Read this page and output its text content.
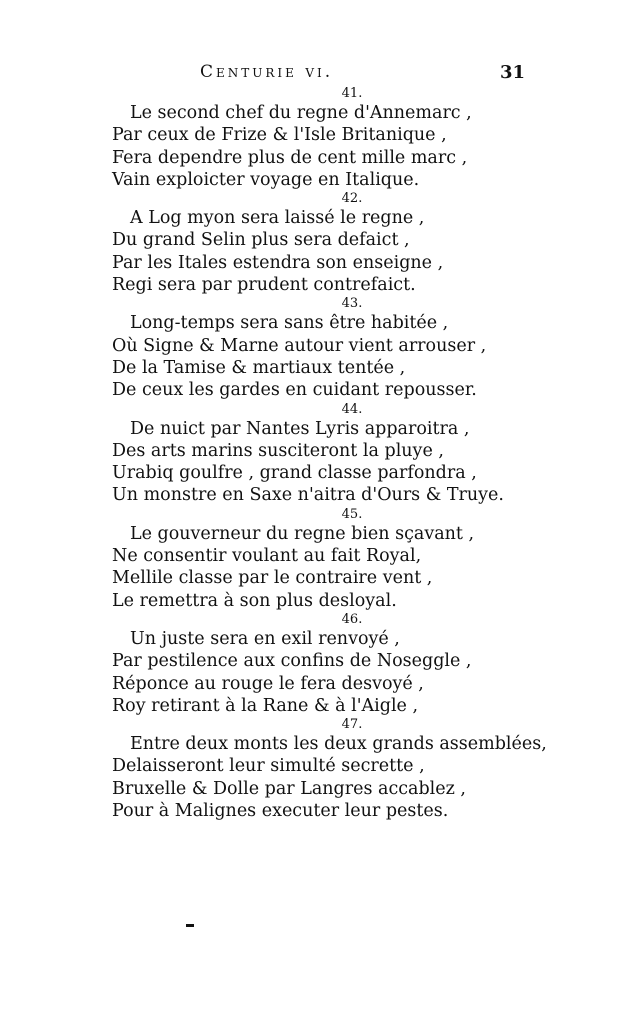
Centurie vi.	31
41.
Le second chef du regne d'Annemarc ,
Par ceux de Frize & l'Isle Britanique ,
Fera dependre plus de cent mille marc ,
Vain exploicter voyage en Italique.
42.
A Log myon sera laissé le regne ,
Du grand Selin plus sera defaict ,
Par les Itales estendra son enseigne ,
Regi sera par prudent contrefaict.
43.
Long-temps sera sans être habitée ,
Où Signe & Marne autour vient arrouser ,
De la Tamise & martiaux tentée ,
De ceux les gardes en cuidant repousser.
44.
De nuict par Nantes Lyris apparoitra ,
Des arts marins susciteront la pluye ,
Urabiq goulfre , grand classe parfondra ,
Un monstre en Saxe n'aitra d'Ours & Truye.
45.
Le gouverneur du regne bien sçavant ,
Ne consentir voulant au fait Royal,
Mellile classe par le contraire vent ,
Le remettra à son plus desloyal.
46.
Un juste sera en exil renvoyé ,
Par pestilence aux confins de Noseggle ,
Réponce au rouge le fera desvoyé ,
Roy retirant à la Rane & à l'Aigle ,
47.
Entre deux monts les deux grands assemblées,
Delaisseront leur simulté secrette ,
Bruxelle & Dolle par Langres accablez ,
Pour à Malignes executer leur pestes.
